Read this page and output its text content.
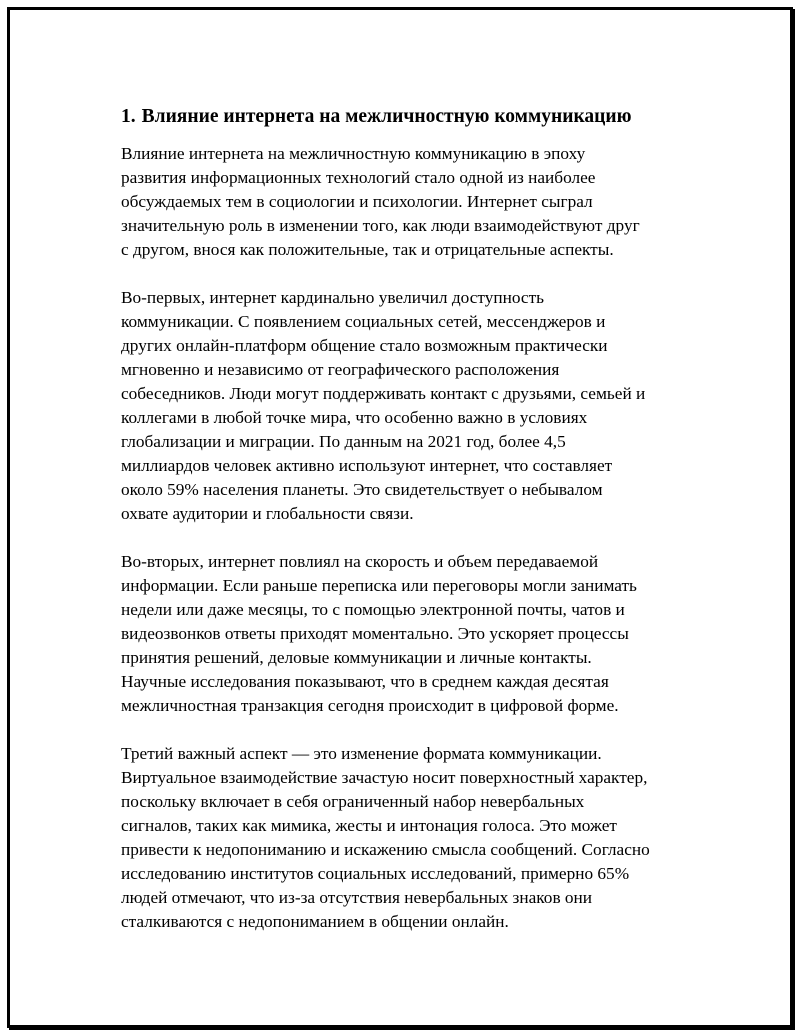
1. Влияние интернета на межличностную коммуникацию

Влияние интернета на межличностную коммуникацию в эпоху
развития информационных технологий стало одной из наиболее
обсуждаемых тем в социологии и психологии. Интернет сыграл
значительную роль в изменении того, как люди взаимодействуют друг
с другом, внося как положительные, так и отрицательные аспекты.

Во-первых, интернет кардинально увеличил доступность
коммуникации. С появлением социальных сетей, мессенджеров и
других онлайн-платформ общение стало возможным практически
мгновенно и независимо от географического расположения
собеседников. Люди могут поддерживать контакт с друзьями, семьей и
коллегами в любой точке мира, что особенно важно в условиях
глобализации и миграции. По данным на 2021 год, более 4,5
миллиардов человек активно используют интернет, что составляет
около 59% населения планеты. Это свидетельствует о небывалом
охвате аудитории и глобальности связи.

Во-вторых, интернет повлиял на скорость и объем передаваемой
информации. Если раньше переписка или переговоры могли занимать
недели или даже месяцы, то с помощью электронной почты, чатов и
видеозвонков ответы приходят моментально. Это ускоряет процессы
принятия решений, деловые коммуникации и личные контакты.
Научные исследования показывают, что в среднем каждая десятая
межличностная транзакция сегодня происходит в цифровой форме.

Третий важный аспект — это изменение формата коммуникации.
Виртуальное взаимодействие зачастую носит поверхностный характер,
поскольку включает в себя ограниченный набор невербальных
сигналов, таких как мимика, жесты и интонация голоса. Это может
привести к недопониманию и искажению смысла сообщений. Согласно
исследованию институтов социальных исследований, примерно 65%
людей отмечают, что из-за отсутствия невербальных знаков они
сталкиваются с недопониманием в общении онлайн.
